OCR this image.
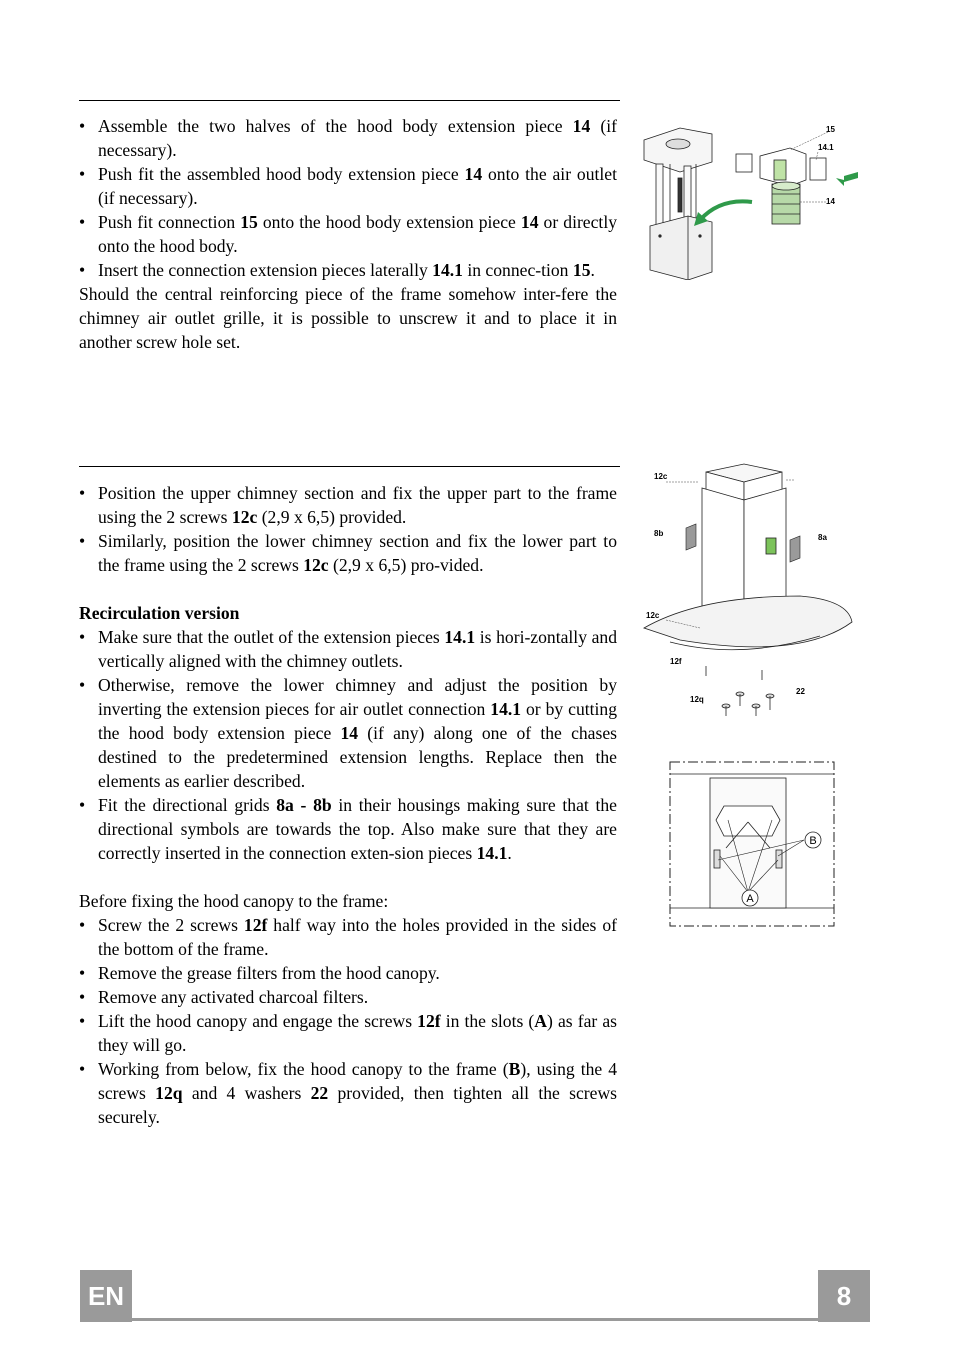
• Assemble the two halves of the hood body extension piece 14 (if necessary).
• Push fit the assembled hood body extension piece 14 onto the air outlet (if necessary).
• Push fit connection 15 onto the hood body extension piece 14 or directly onto the hood body.
• Insert the connection extension pieces laterally 14.1 in connec-tion 15.

Should the central reinforcing piece of the frame somehow inter-fere the chimney air outlet grille, it is possible to unscrew it and to place it in another screw hole set.

15
14.1
14
• Position the upper chimney section and fix the upper part to the frame using the 2 screws 12c (2,9 x 6,5) provided.
• Similarly, position the lower chimney section and fix the lower part to the frame using the 2 screws 12c (2,9 x 6,5) pro-vided.

Recirculation version

• Make sure that the outlet of the extension pieces 14.1 is hori-zontally and vertically aligned with the chimney outlets.
• Otherwise, remove the lower chimney and adjust the position by inverting the extension pieces for air outlet connection 14.1 or by cutting the hood body extension piece 14 (if any) along one of the chases destined to the predetermined extension lengths. Replace then the elements as earlier described.
• Fit the directional grids 8a - 8b in their housings making sure that the directional symbols are towards the top. Also make sure that they are correctly inserted in the connection exten-sion pieces 14.1.

Before fixing the hood canopy to the frame:

• Screw the 2 screws 12f half way into the holes provided in the sides of the bottom of the frame.
• Remove the grease filters from the hood canopy.
• Remove any activated charcoal filters.
• Lift the hood canopy and engage the screws 12f in the slots (A) as far as they will go.
• Working from below, fix the hood canopy to the frame (B), using the 4 screws 12q and 4 washers 22 provided, then tighten all the screws securely.
12c
8b	8a
12c
12f
22
12q
B
A
EN	8
